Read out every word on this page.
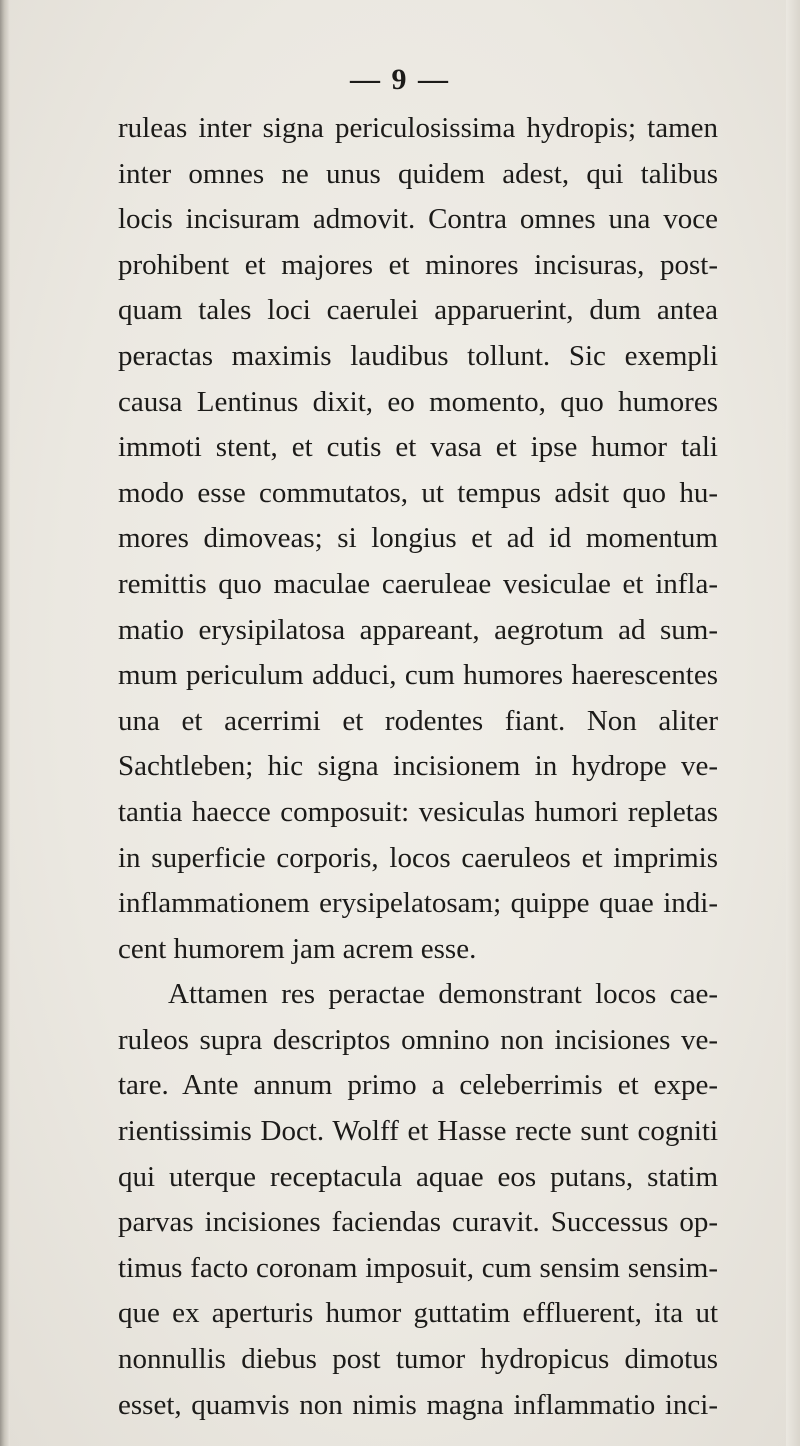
— 9 —
ruleas inter signa periculosissima hydropis; tamen
inter omnes ne unus quidem adest, qui talibus
locis incisuram admovit. Contra omnes una voce
prohibent et majores et minores incisuras, post-
quam tales loci caerulei apparuerint, dum antea
peractas maximis laudibus tollunt. Sic exempli
causa Lentinus dixit, eo momento, quo humores
immoti stent, et cutis et vasa et ipse humor tali
modo esse commutatos, ut tempus adsit quo hu-
mores dimoveas; si longius et ad id momentum
remittis quo maculae caeruleae vesiculae et infla-
matio erysipilatosa appareant, aegrotum ad sum-
mum periculum adduci, cum humores haerescentes
una et acerrimi et rodentes fiant. Non aliter
Sachtleben; hic signa incisionem in hydrope ve-
tantia haecce composuit: vesiculas humori repletas
in superficie corporis, locos caeruleos et imprimis
inflammationem erysipelatosam; quippe quae indi-
cent humorem jam acrem esse.
Attamen res peractae demonstrant locos cae-
ruleos supra descriptos omnino non incisiones ve-
tare. Ante annum primo a celeberrimis et expe-
rientissimis Doct. Wolff et Hasse recte sunt cogniti
qui uterque receptacula aquae eos putans, statim
parvas incisiones faciendas curavit. Successus op-
timus facto coronam imposuit, cum sensim sensim-
que ex aperturis humor guttatim effluerent, ita ut
nonnullis diebus post tumor hydropicus dimotus
esset, quamvis non nimis magna inflammatio inci-
